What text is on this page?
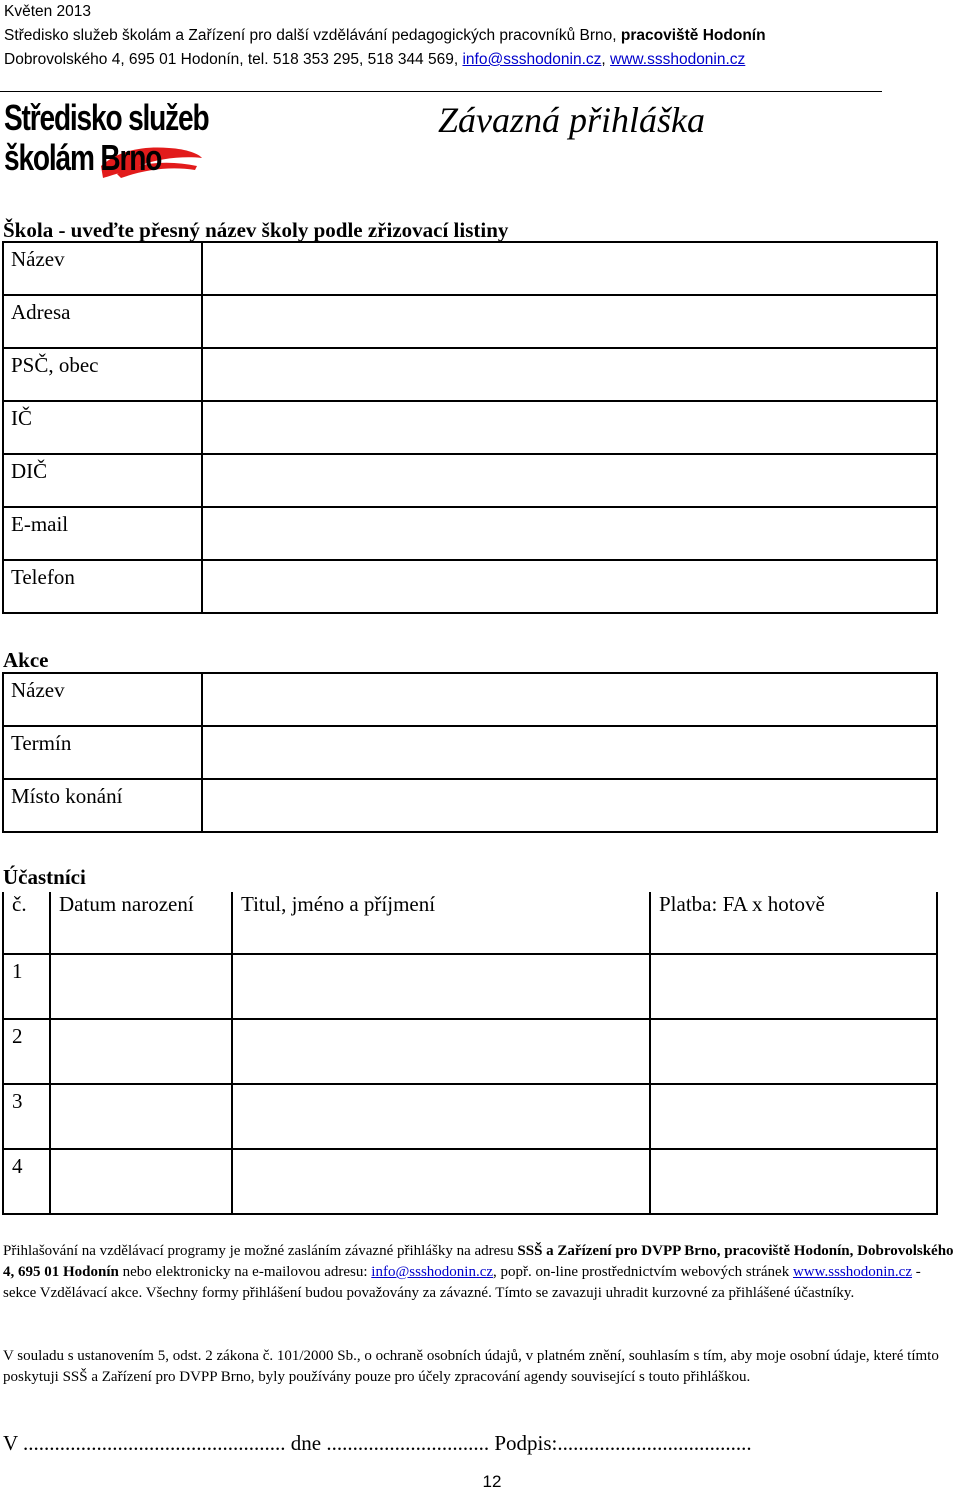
Květen 2013
Středisko služeb školám a Zařízení pro další vzdělávání pedagogických pracovníků Brno, pracoviště Hodonín
Dobrovolského 4, 695 01 Hodonín, tel. 518 353 295, 518 344 569, info@ssshodonin.cz, www.ssshodonin.cz
Středisko služeb
školám Brno
Závazná přihláška
Škola - uveďte přesný název školy podle zřizovací listiny
Název	
Adresa	
PSČ, obec	
IČ	
DIČ	
E-mail	
Telefon	
Akce
Název	
Termín	
Místo konání	
Účastníci
č.	Datum narození	Titul, jméno a příjmení	Platba: FA x hotově
1			
2			
3			
4			
Přihlašování na vzdělávací programy je možné zasláním závazné přihlášky na adresu SSŠ a Zařízení pro DVPP Brno, pracoviště Hodonín, Dobrovolského 4, 695 01 Hodonín nebo elektronicky na e-mailovou adresu: info@ssshodonin.cz, popř. on-line prostřednictvím webových stránek www.ssshodonin.cz - sekce Vzdělávací akce. Všechny formy přihlášení budou považovány za závazné. Tímto se zavazuji uhradit kurzovné za přihlášené účastníky.
V souladu s ustanovením 5, odst. 2 zákona č. 101/2000 Sb., o ochraně osobních údajů, v platném znění, souhlasím s tím, aby moje osobní údaje, které tímto poskytuji SSŠ a Zařízení pro DVPP Brno, byly používány pouze pro účely zpracování agendy související s touto přihláškou.
V .................................................. dne ............................... Podpis:.....................................
12
